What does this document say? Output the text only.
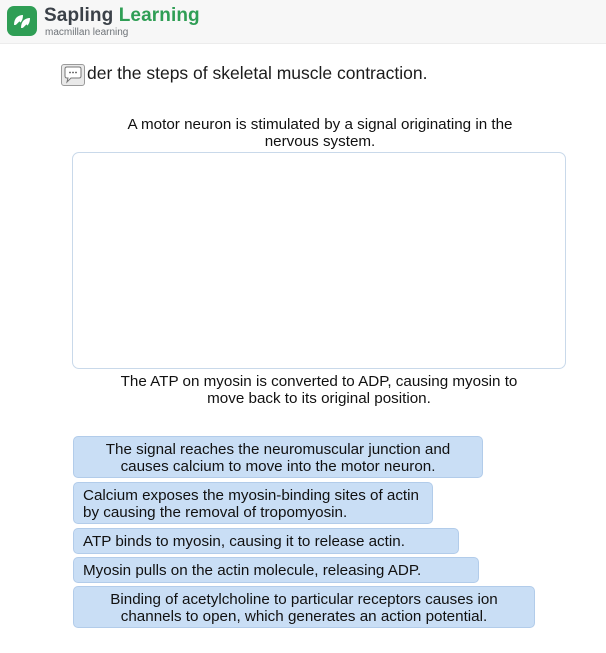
Sapling Learning
macmillan learning
der the steps of skeletal muscle contraction.
A motor neuron is stimulated by a signal originating in the nervous system.
The ATP on myosin is converted to ADP, causing myosin to move back to its original position.
The signal reaches the neuromuscular junction and causes calcium to move into the motor neuron.
Calcium exposes the myosin-binding sites of actin by causing the removal of tropomyosin.
ATP binds to myosin, causing it to release actin.
Myosin pulls on the actin molecule, releasing ADP.
Binding of acetylcholine to particular receptors causes ion channels to open, which generates an action potential.
